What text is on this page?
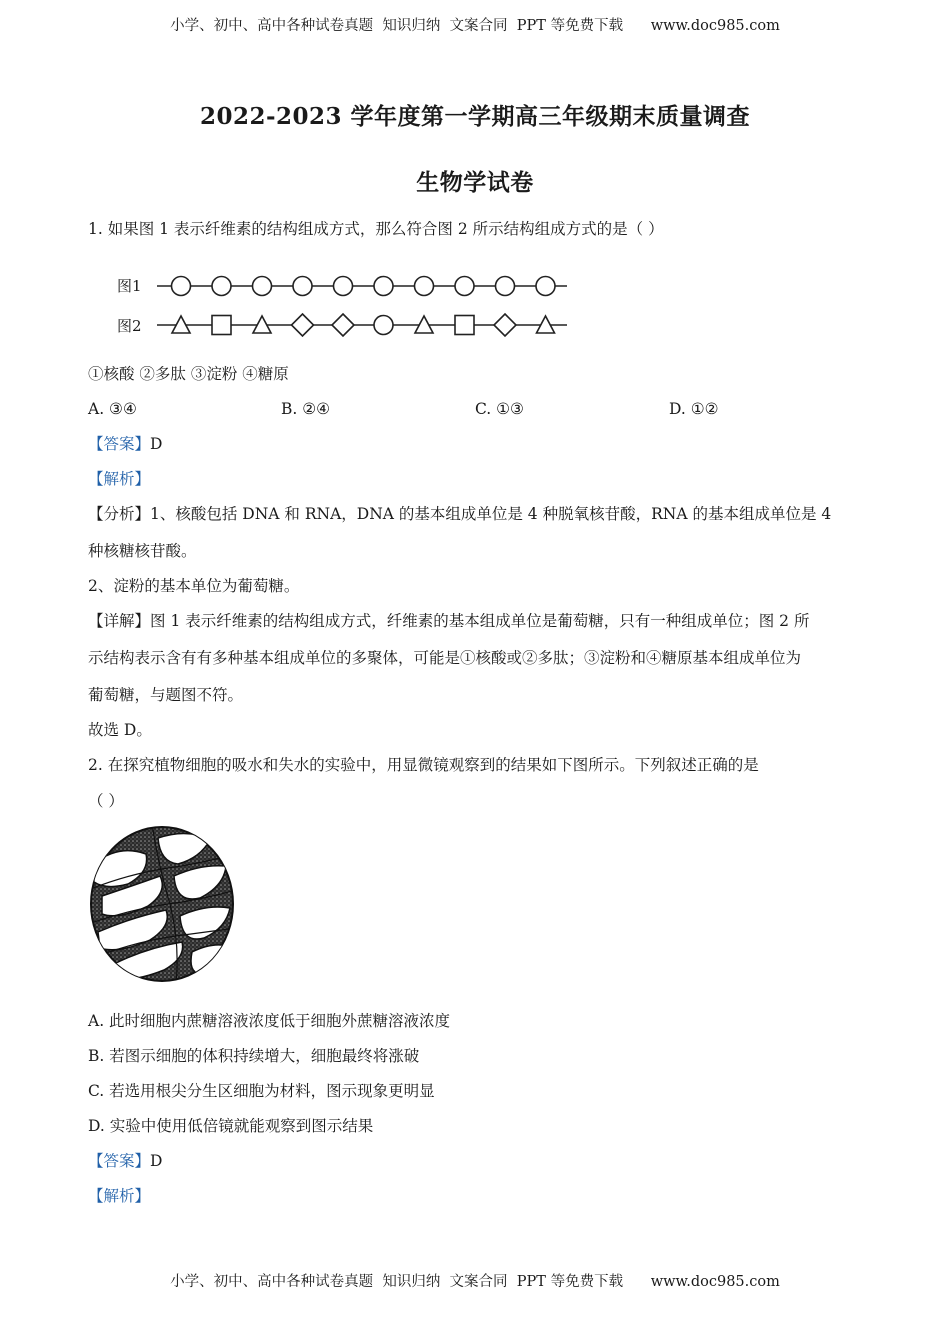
小学、初中、高中各种试卷真题  知识归纳  文案合同  PPT 等免费下载      www.doc985.com
2022-2023 学年度第一学期高三年级期末质量调查
生物学试卷
1. 如果图 1 表示纤维素的结构组成方式，那么符合图 2 所示结构组成方式的是（ ）
图1
图2
①核酸 ②多肽 ③淀粉 ④糖原
A. ③④	B. ②④	C. ①③	D. ①②
【答案】D
【解析】
【分析】1、核酸包括 DNA 和 RNA，DNA 的基本组成单位是 4 种脱氧核苷酸，RNA 的基本组成单位是 4
种核糖核苷酸。
2、淀粉的基本单位为葡萄糖。
【详解】图 1 表示纤维素的结构组成方式，纤维素的基本组成单位是葡萄糖，只有一种组成单位；图 2 所
示结构表示含有有多种基本组成单位的多聚体，可能是①核酸或②多肽；③淀粉和④糖原基本组成单位为
葡萄糖，与题图不符。
故选 D。
2. 在探究植物细胞的吸水和失水的实验中，用显微镜观察到的结果如下图所示。下列叙述正确的是
（ ）
A. 此时细胞内蔗糖溶液浓度低于细胞外蔗糖溶液浓度
B. 若图示细胞的体积持续增大，细胞最终将涨破
C. 若选用根尖分生区细胞为材料，图示现象更明显
D. 实验中使用低倍镜就能观察到图示结果
【答案】D
【解析】
小学、初中、高中各种试卷真题  知识归纳  文案合同  PPT 等免费下载      www.doc985.com
